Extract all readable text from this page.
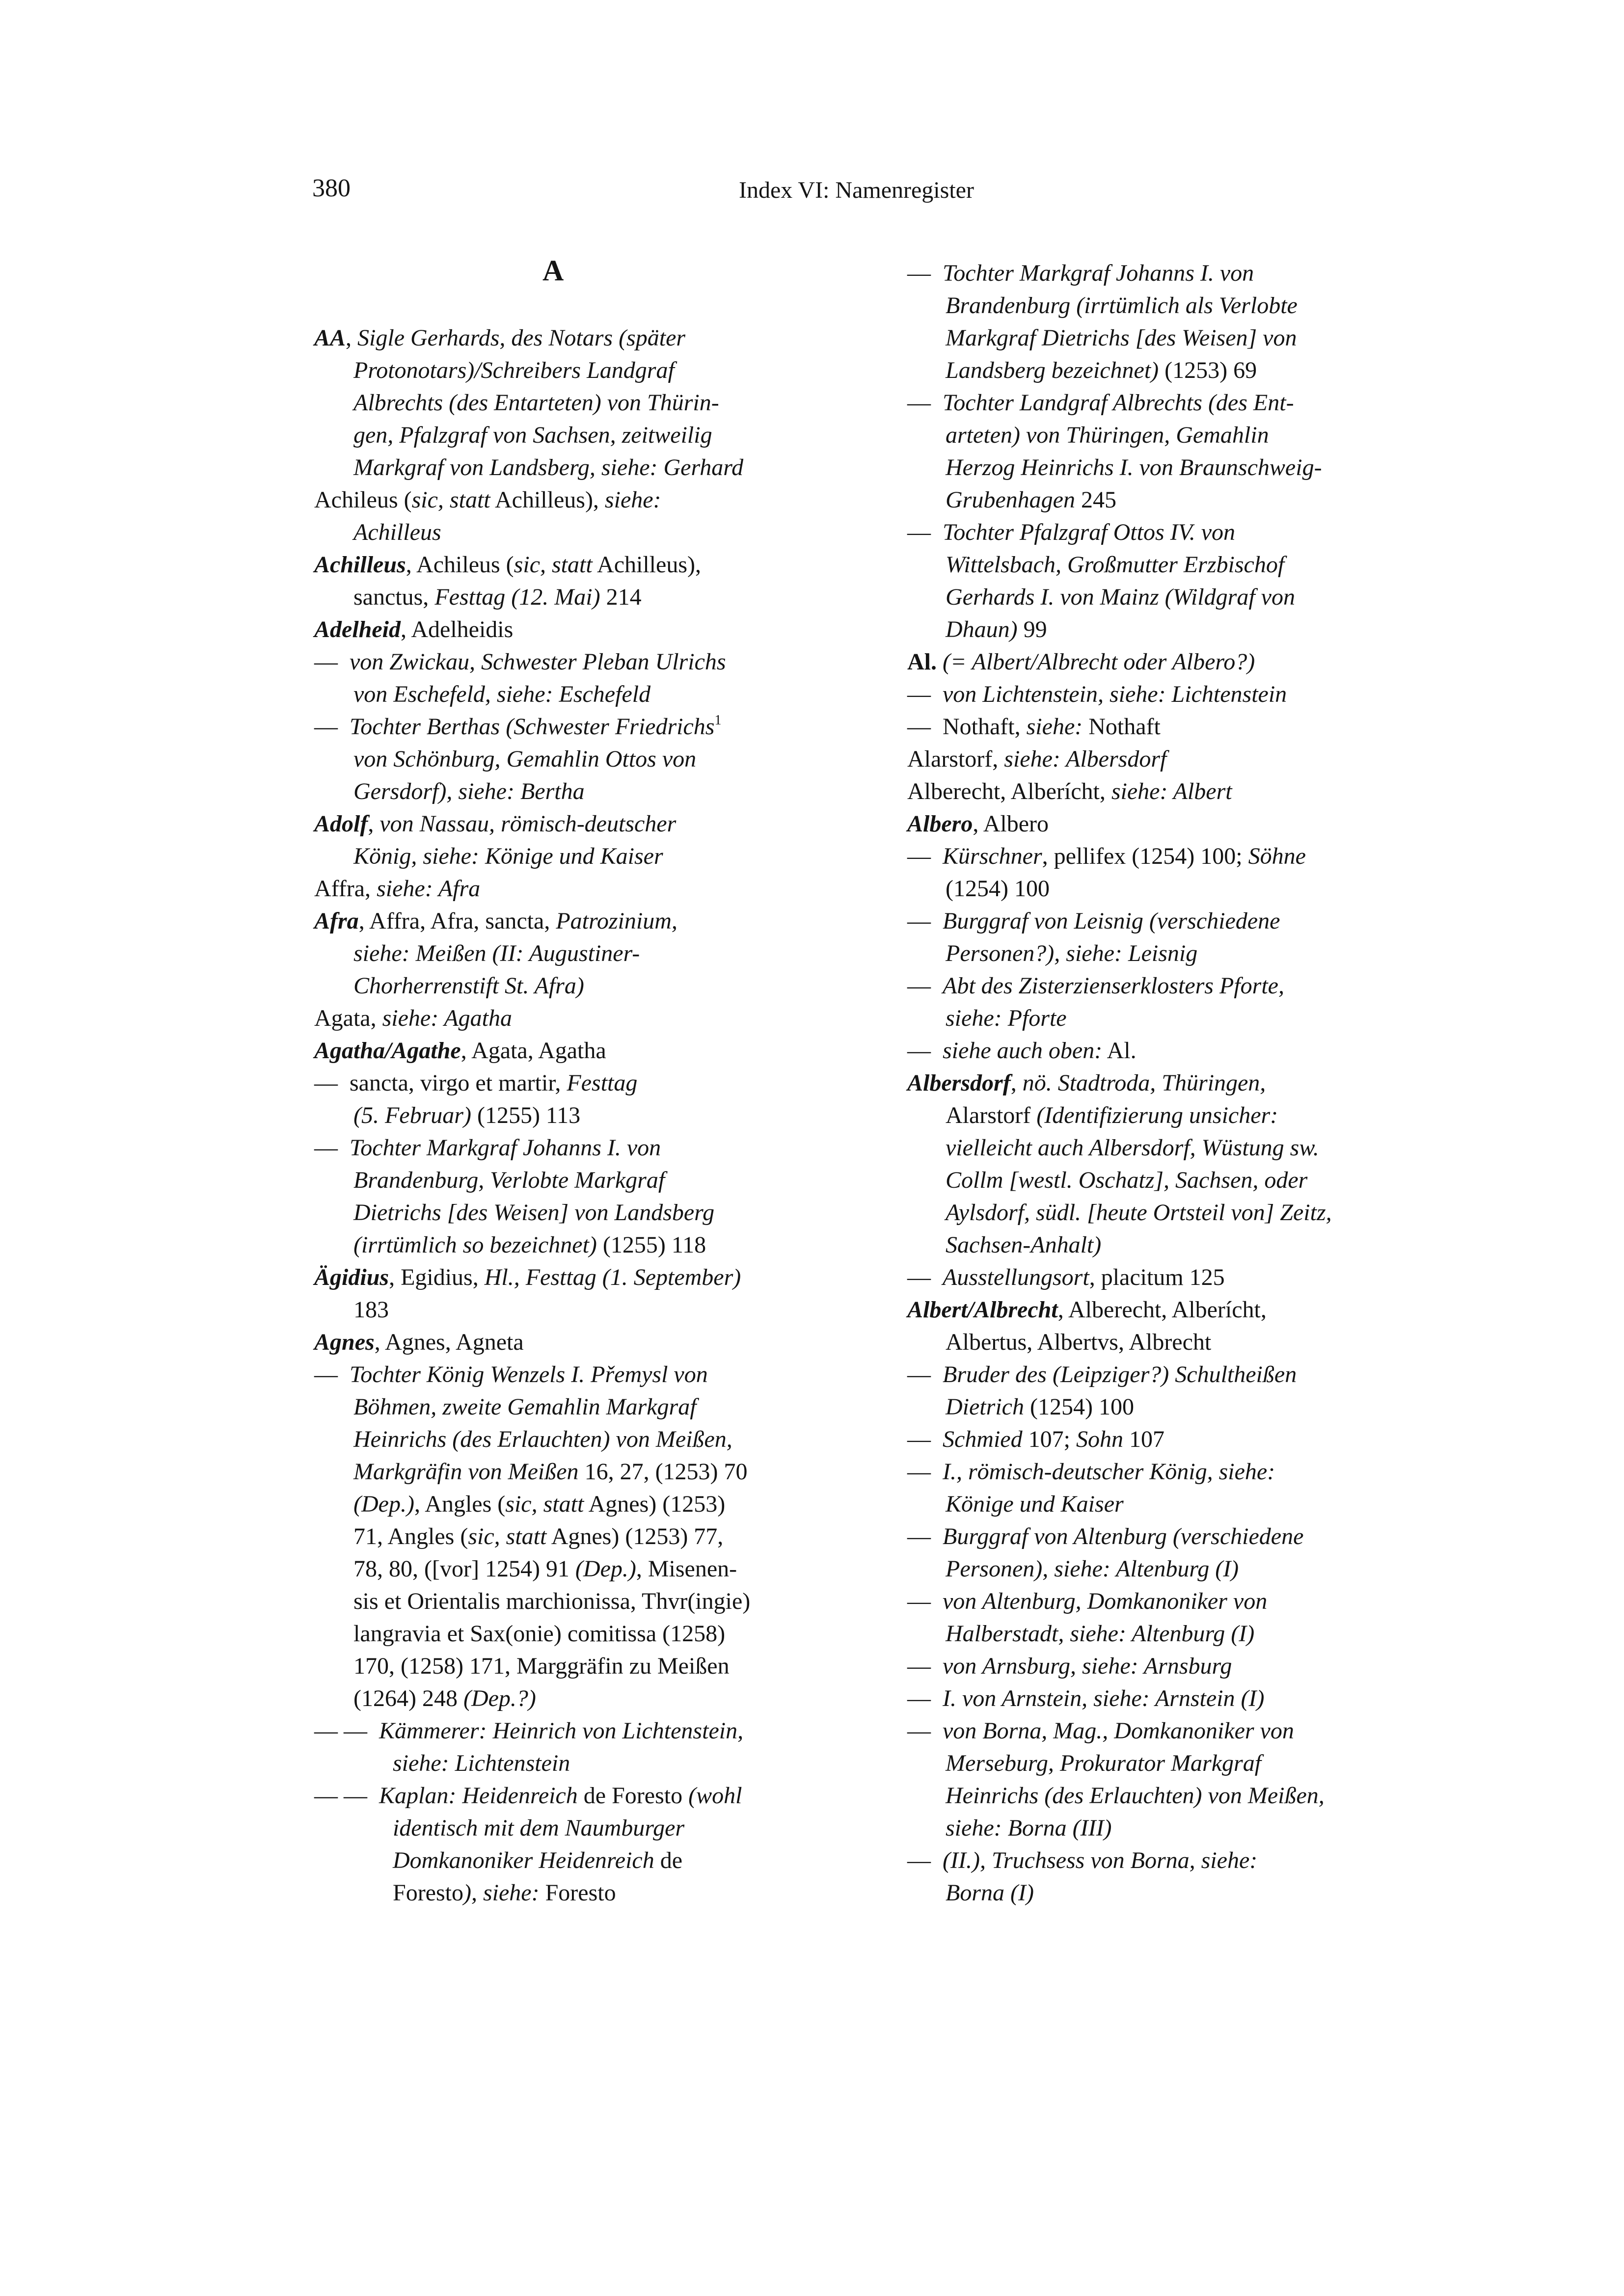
380	Index VI: Namenregister
A
AA, Sigle Gerhards, des Notars (später
Protonotars)/Schreibers Landgraf
Albrechts (des Entarteten) von Thürin-
gen, Pfalzgraf von Sachsen, zeitweilig
Markgraf von Landsberg, siehe: Gerhard
Achileus (sic, statt Achilleus), siehe:
Achilleus
Achilleus, Achileus (sic, statt Achilleus),
sanctus, Festtag (12. Mai) 214
Adelheid, Adelheidis
—  von Zwickau, Schwester Pleban Ulrichs
von Eschefeld, siehe: Eschefeld
—  Tochter Berthas (Schwester Friedrichs$^1$
von Schönburg, Gemahlin Ottos von
Gersdorf), siehe: Bertha
Adolf, von Nassau, römisch-deutscher
König, siehe: Könige und Kaiser
Affra, siehe: Afra
Afra, Affra, Afra, sancta, Patrozinium,
siehe: Meißen (II: Augustiner-
Chorherrenstift St. Afra)
Agata, siehe: Agatha
Agatha/Agathe, Agata, Agatha
—  sancta, virgo et martir, Festtag
(5. Februar) (1255) 113
—  Tochter Markgraf Johanns I. von
Brandenburg, Verlobte Markgraf
Dietrichs [des Weisen] von Landsberg
(irrtümlich so bezeichnet) (1255) 118
Ägidius, Egidius, Hl., Festtag (1. September)
183
Agnes, Agnes, Agneta
—  Tochter König Wenzels I. Přemysl von
Böhmen, zweite Gemahlin Markgraf
Heinrichs (des Erlauchten) von Meißen,
Markgräfin von Meißen 16, 27, (1253) 70
(Dep.), Angles (sic, statt Agnes) (1253)
71, Angles (sic, statt Agnes) (1253) 77,
78, 80, ([vor] 1254) 91 (Dep.), Misenen-
sis et Orientalis marchionissa, Thvr(ingie)
langravia et Sax(onie) comitissa (1258)
170, (1258) 171, Marggräfin zu Meißen
(1264) 248 (Dep.?)
— —  Kämmerer: Heinrich von Lichtenstein,
siehe: Lichtenstein
— —  Kaplan: Heidenreich de Foresto (wohl
identisch mit dem Naumburger
Domkanoniker Heidenreich de
Foresto), siehe: Foresto
—  Tochter Markgraf Johanns I. von
Brandenburg (irrtümlich als Verlobte
Markgraf Dietrichs [des Weisen] von
Landsberg bezeichnet) (1253) 69
—  Tochter Landgraf Albrechts (des Ent-
arteten) von Thüringen, Gemahlin
Herzog Heinrichs I. von Braunschweig-
Grubenhagen 245
—  Tochter Pfalzgraf Ottos IV. von
Wittelsbach, Großmutter Erzbischof
Gerhards I. von Mainz (Wildgraf von
Dhaun) 99
Al. (= Albert/Albrecht oder Albero?)
—  von Lichtenstein, siehe: Lichtenstein
—  Nothaft, siehe: Nothaft
Alarstorf, siehe: Albersdorf
Alberecht, Alberícht, siehe: Albert
Albero, Albero
—  Kürschner, pellifex (1254) 100; Söhne
(1254) 100
—  Burggraf von Leisnig (verschiedene
Personen?), siehe: Leisnig
—  Abt des Zisterzienserklosters Pforte,
siehe: Pforte
—  siehe auch oben: Al.
Albersdorf, nö. Stadtroda, Thüringen,
Alarstorf (Identifizierung unsicher:
vielleicht auch Albersdorf, Wüstung sw.
Collm [westl. Oschatz], Sachsen, oder
Aylsdorf, südl. [heute Ortsteil von] Zeitz,
Sachsen-Anhalt)
—  Ausstellungsort, placitum 125
Albert/Albrecht, Alberecht, Alberícht,
Albertus, Albertvs, Albrecht
—  Bruder des (Leipziger?) Schultheißen
Dietrich (1254) 100
—  Schmied 107; Sohn 107
—  I., römisch-deutscher König, siehe:
Könige und Kaiser
—  Burggraf von Altenburg (verschiedene
Personen), siehe: Altenburg (I)
—  von Altenburg, Domkanoniker von
Halberstadt, siehe: Altenburg (I)
—  von Arnsburg, siehe: Arnsburg
—  I. von Arnstein, siehe: Arnstein (I)
—  von Borna, Mag., Domkanoniker von
Merseburg, Prokurator Markgraf
Heinrichs (des Erlauchten) von Meißen,
siehe: Borna (III)
—  (II.), Truchsess von Borna, siehe:
Borna (I)
